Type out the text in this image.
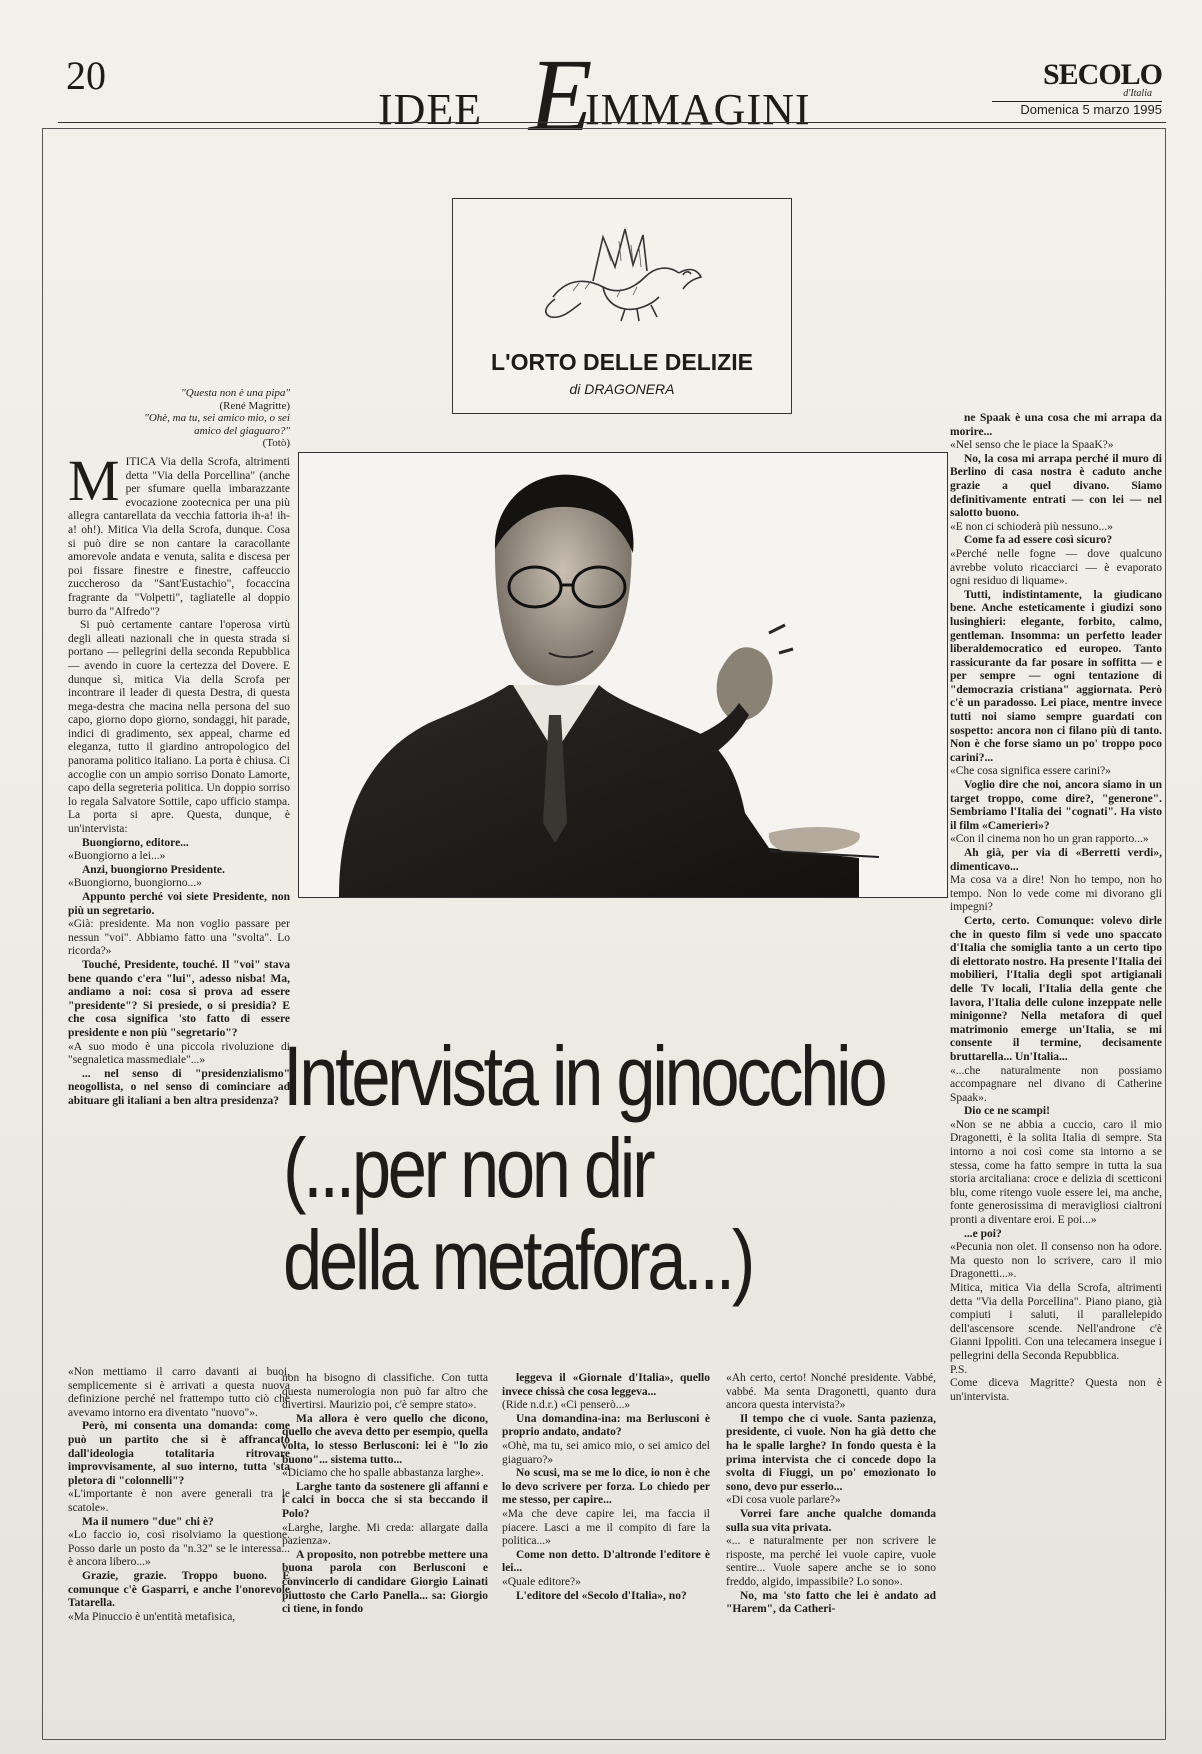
20
IDEE E
IMMAGINI
SECOLO
d'Italia
Domenica 5 marzo 1995
L'ORTO DELLE DELIZIE
di DRAGONERA
"Questa non è una pipa"
(René Magritte)
"Ohè, ma tu, sei amico mio, o sei amico del giaguaro?"
(Totò)
Intervista in ginocchio
(...per non dir
della metafora...)

MITICA Via della Scrofa, altrimenti detta "Via della Porcellina" (anche per sfumare quella imbarazzante evocazione zootecnica per una più allegra cantarellata da vecchia fattoria ih-a! ih-a! oh!). Mitica Via della Scrofa, dunque. Cosa si può dire se non cantare la caracollante amorevole andata e venuta, salita e discesa per poi fissare finestre e finestre, caffeuccio zuccheroso da "Sant'Eustachio", focaccina fragrante da "Volpetti", tagliatelle al doppio burro da "Alfredo"?

Si può certamente cantare l'operosa virtù degli alleati nazionali che in questa strada si portano — pellegrini della seconda Repubblica — avendo in cuore la certezza del Dovere. E dunque sì, mitica Via della Scrofa per incontrare il leader di questa Destra, di questa mega-destra che macina nella persona del suo capo, giorno dopo giorno, sondaggi, hit parade, indici di gradimento, sex appeal, charme ed eleganza, tutto il giardino antropologico del panorama politico italiano. La porta è chiusa. Ci accoglie con un ampio sorriso Donato Lamorte, capo della segreteria politica. Un doppio sorriso lo regala Salvatore Sottile, capo ufficio stampa. La porta si apre. Questa, dunque, è un'intervista:

Buongiorno, editore...

«Buongiorno a lei...»

Anzi, buongiorno Presidente.

«Buongiorno, buongiorno...»

Appunto perché voi siete Presidente, non più un segretario.

«Già: presidente. Ma non voglio passare per nessun "voi". Abbiamo fatto una "svolta". Lo ricorda?»

Touché, Presidente, touché. Il "voi" stava bene quando c'era "lui", adesso nisba! Ma, andiamo a noi: cosa si prova ad essere "presidente"? Si presiede, o si presidia? E che cosa significa 'sto fatto di essere presidente e non più "segretario"?

«A suo modo è una piccola rivoluzione di "segnaletica massmediale"...»

... nel senso di "presidenzialismo" neogollista, o nel senso di cominciare ad abituare gli italiani a ben altra presidenza?

«Non mettiamo il carro davanti ai buoi, semplicemente si è arrivati a questa nuova definizione perché nel frattempo tutto ciò che avevamo intorno era diventato "nuovo"».

Però, mi consenta una domanda: come può un partito che si è affrancato dall'ideologia totalitaria ritrovare improvvisamente, al suo interno, tutta 'sta pletora di "colonnelli"?

«L'importante è non avere generali tra le scatole».

Ma il numero "due" chi è?

«Lo faccio io, così risolviamo la questione. Posso darle un posto da "n.32" se le interessa... è ancora libero...»

Grazie, grazie. Troppo buono. E comunque c'è Gasparri, e anche l'onorevole Tatarella.

«Ma Pinuccio è un'entità metafisica,

non ha bisogno di classifiche. Con tutta questa numerologia non può far altro che divertirsi. Maurizio poi, c'è sempre stato».

Ma allora è vero quello che dicono, quello che aveva detto per esempio, quella volta, lo stesso Berlusconi: lei è "lo zio buono"... sistema tutto...

«Diciamo che ho spalle abbastanza larghe».

Larghe tanto da sostenere gli affanni e i calci in bocca che si sta beccando il Polo?

«Larghe, larghe. Mi creda: allargate dalla pazienza».

A proposito, non potrebbe mettere una buona parola con Berlusconi e convincerlo di candidare Giorgio Lainati piuttosto che Carlo Panella... sa: Giorgio ci tiene, in fondo

leggeva il «Giornale d'Italia», quello invece chissà che cosa leggeva...

(Ride n.d.r.) «Ci penserò...»

Una domandina-ina: ma Berlusconi è proprio andato, andato?

«Ohè, ma tu, sei amico mio, o sei amico del giaguaro?»

No scusi, ma se me lo dice, io non è che lo devo scrivere per forza. Lo chiedo per me stesso, per capire...

«Ma che deve capire lei, ma faccia il piacere. Lasci a me il compito di fare la politica...»

Come non detto. D'altronde l'editore è lei...

«Quale editore?»

L'editore del «Secolo d'Italia», no?

«Ah certo, certo! Nonché presidente. Vabbé, vabbé. Ma senta Dragonetti, quanto dura ancora questa intervista?»

Il tempo che ci vuole. Santa pazienza, presidente, ci vuole. Non ha già detto che ha le spalle larghe? In fondo questa è la prima intervista che ci concede dopo la svolta di Fiuggi, un po' emozionato lo sono, devo pur esserlo...

«Di cosa vuole parlare?»

Vorrei fare anche qualche domanda sulla sua vita privata.

«... e naturalmente per non scrivere le risposte, ma perché lei vuole capire, vuole sentire... Vuole sapere anche se io sono freddo, algido, impassibile? Lo sono».

No, ma 'sto fatto che lei è andato ad "Harem", da Catheri-

ne Spaak è una cosa che mi arrapa da morire...

«Nel senso che le piace la SpaaK?»

No, la cosa mi arrapa perché il muro di Berlino di casa nostra è caduto anche grazie a quel divano. Siamo definitivamente entrati — con lei — nel salotto buono.

«E non ci schioderà più nessuno...»

Come fa ad essere così sicuro?

«Perché nelle fogne — dove qualcuno avrebbe voluto ricacciarci — è evaporato ogni residuo di liquame».

Tutti, indistintamente, la giudicano bene. Anche esteticamente i giudizi sono lusinghieri: elegante, forbito, calmo, gentleman. Insomma: un perfetto leader liberaldemocratico ed europeo. Tanto rassicurante da far posare in soffitta — e per sempre — ogni tentazione di "democrazia cristiana" aggiornata. Però c'è un paradosso. Lei piace, mentre invece tutti noi siamo sempre guardati con sospetto: ancora non ci filano più di tanto. Non è che forse siamo un po' troppo poco carini?...

«Che cosa significa essere carini?»

Voglio dire che noi, ancora siamo in un target troppo, come dire?, "generone". Sembriamo l'Italia dei "cognati". Ha visto il film «Camerieri»?

«Con il cinema non ho un gran rapporto...»

Ah già, per via di «Berretti verdi», dimenticavo...

Ma cosa va a dire! Non ho tempo, non ho tempo. Non lo vede come mi divorano gli impegni?

Certo, certo. Comunque: volevo dirle che in questo film si vede uno spaccato d'Italia che somiglia tanto a un certo tipo di elettorato nostro. Ha presente l'Italia dei mobilieri, l'Italia degli spot artigianali delle Tv locali, l'Italia della gente che lavora, l'Italia delle culone inzeppate nelle minigonne? Nella metafora di quel matrimonio emerge un'Italia, se mi consente il termine, decisamente bruttarella... Un'Italia...

«...che naturalmente non possiamo accompagnare nel divano di Catherine Spaak».

Dio ce ne scampi!

«Non se ne abbia a cuccio, caro il mio Dragonetti, è la solita Italia di sempre. Sta intorno a noi così come sta intorno a se stessa, come ha fatto sempre in tutta la sua storia arcitaliana: croce e delizia di scetticoni blu, come ritengo vuole essere lei, ma anche, fonte generosissima di meravigliosi cialtroni pronti a diventare eroi. E poi...»

...e poi?

«Pecunia non olet. Il consenso non ha odore. Ma questo non lo scrivere, caro il mio Dragonetti...».

Mitica, mitica Via della Scrofa, altrimenti detta "Via della Porcellina". Piano piano, già compiuti i saluti, il parallelepido dell'ascensore scende. Nell'androne c'è Gianni Ippoliti. Con una telecamera insegue i pellegrini della Seconda Repubblica.

P.S.

Come diceva Magritte? Questa non è un'intervista.
